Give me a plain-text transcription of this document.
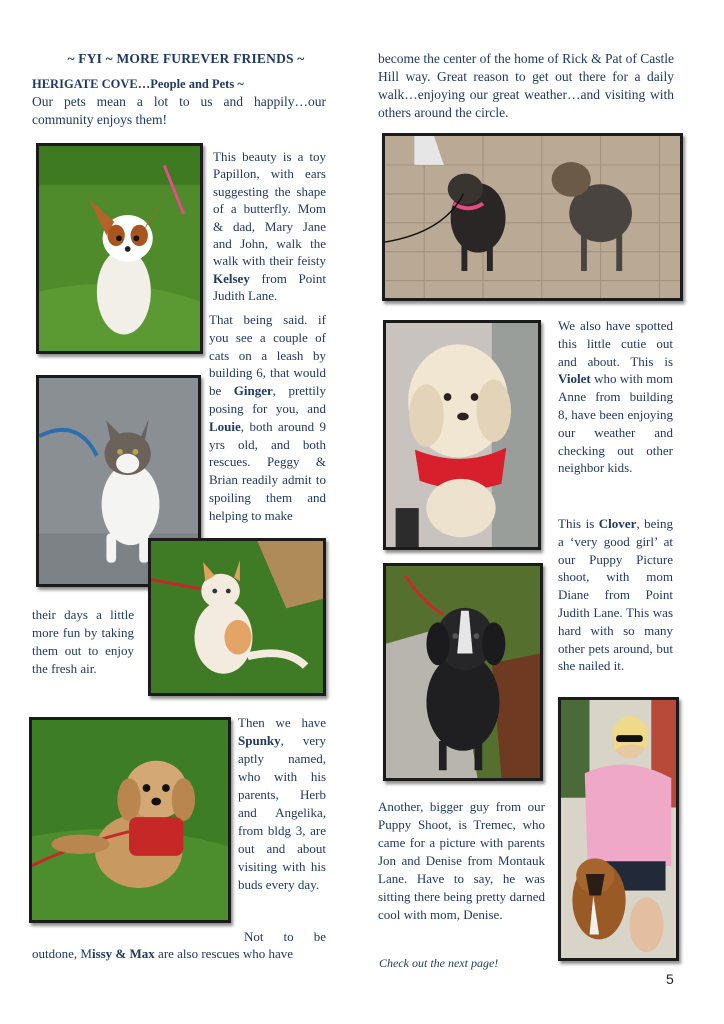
~ FYI ~ MORE FUREVER FRIENDS ~
HERIGATE COVE…People and Pets ~
Our pets mean a lot to us and happily…our community enjoys them!
This beauty is a toy Papillon, with ears suggesting the shape of a butterfly. Mom & dad, Mary Jane and John, walk the walk with their feisty Kelsey from Point Judith Lane.
That being said. if you see a couple of cats on a leash by building 6, that would be Ginger, prettily posing for you, and Louie, both around 9 yrs old, and both rescues. Peggy & Brian readily admit to spoiling them and helping to make
their days a little more fun by taking them out to enjoy the fresh air.
Then we have Spunky, very aptly named, who with his parents, Herb and Angelika, from bldg 3, are out and about visiting with his buds every day.
Not to be
outdone, Missy & Max are also rescues who have
become the center of the home of Rick & Pat of Castle Hill way. Great reason to get out there for a daily walk…enjoying our great weather…and visiting with others around the circle.
We also have spotted this little cutie out and about. This is Violet who with mom Anne from building 8, have been enjoying our weather and checking out other neighbor kids.
This is Clover, being a ‘very good girl’ at our Puppy Picture shoot, with mom Diane from Point Judith Lane. This was hard with so many other pets around, but she nailed it.
Another, bigger guy from our Puppy Shoot, is Tremec, who came for a picture with parents Jon and Denise from Montauk Lane. Have to say, he was sitting there being pretty darned cool with mom, Denise.
Check out the next page!
5
